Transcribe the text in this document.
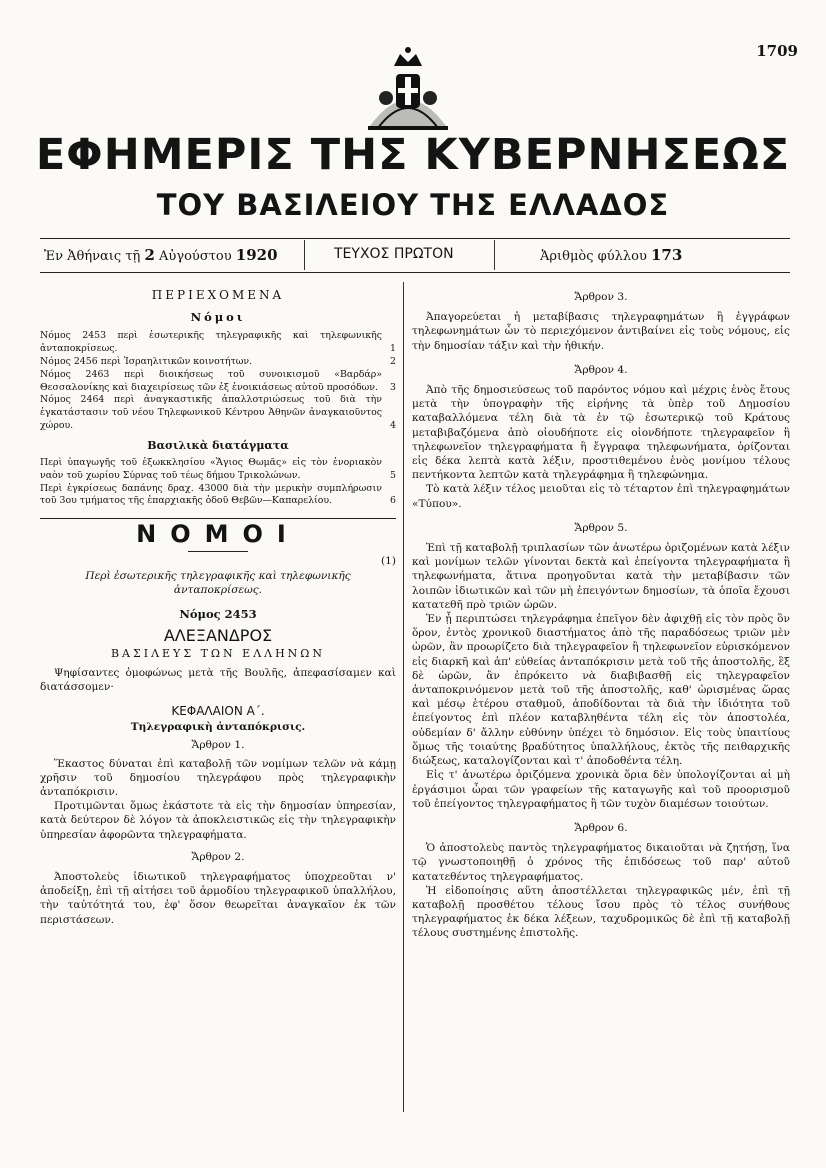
1709
ΕΦΗΜΕΡΙΣ ΤΗΣ ΚΥΒΕΡΝΗΣΕΩΣ
ΤΟΥ ΒΑΣΙΛΕΙΟΥ ΤΗΣ ΕΛΛΑΔΟΣ
Ἐν Ἀθήναις τῇ 2 Αὐγούστου 1920	ΤΕΥΧΟΣ ΠΡΩΤΟΝ	Ἀριθμὸς φύλλου 173
ΠΕΡΙΕΧΟΜΕΝΑ
Νόμοι
Νόμος 2453 περὶ ἐσωτερικῆς τηλεγραφικῆς καὶ τηλεφωνικῆς ἀνταποκρίσεως.	1
Νόμος 2456 περὶ Ἰσραηλιτικῶν κοινοτήτων.	2
Νόμος 2463 περὶ διοικήσεως τοῦ συνοικισμοῦ «Βαρδάρ» Θεσσαλονίκης καὶ διαχειρίσεως τῶν ἐξ ἐνοικιάσεως αὐτοῦ προσόδων. 3
Νόμος 2464 περὶ ἀναγκαστικῆς ἀπαλλοτριώσεως τοῦ διὰ τὴν ἐγκατάστασιν τοῦ νέου Τηλεφωνικοῦ Κέντρου Ἀθηνῶν ἀναγκαιοῦντος χώρου.	4
Βασιλικὰ διατάγματα
Περὶ ὑπαγωγῆς τοῦ ἐξωκκλησίου «Ἅγιος Θωμᾶς» εἰς τὸν ἐνοριακὸν ναὸν τοῦ χωρίου Σύρνας τοῦ τέως δήμου Τρικολώνων.	5
Περὶ ἐγκρίσεως δαπάνης δραχ. 43000 διὰ τὴν μερικὴν συμπλήρωσιν τοῦ 3ου τμήματος τῆς ἐπαρχιακῆς ὁδοῦ Θεβῶν—Καπαρελίου.	6
ΝΟΜΟΙ
(1)
Περὶ ἐσωτερικῆς τηλεγραφικῆς καὶ τηλεφωνικῆς ἀνταποκρίσεως.
Νόμος 2453
ΑΛΕΞΑΝΔΡΟΣ
ΒΑΣΙΛΕΥΣ ΤΩΝ ΕΛΛΗΝΩΝ

Ψηφίσαντες ὁμοφώνως μετὰ τῆς Βουλῆς, ἀπεφασίσαμεν καὶ διατάσσομεν·

ΚΕΦΑΛΑΙΟΝ Α΄.
Τηλεγραφικὴ ἀνταπόκρισις.
Ἄρθρον 1.

Ἕκαστος δύναται ἐπὶ καταβολῇ τῶν νομίμων τελῶν νὰ κάμῃ χρῆσιν τοῦ δημοσίου τηλεγράφου πρὸς τηλεγραφικὴν ἀνταπόκρισιν.

Προτιμῶνται ὅμως ἑκάστοτε τὰ εἰς τὴν δημοσίαν ὑπηρεσίαν, κατὰ δεύτερον δὲ λόγον τὰ ἀποκλειστικῶς εἰς τὴν τηλεγραφικὴν ὑπηρεσίαν ἀφορῶντα τηλεγραφήματα.

Ἄρθρον 2.

Ἀποστολεὺς ἰδιωτικοῦ τηλεγραφήματος ὑποχρεοῦται ν' ἀποδείξῃ, ἐπὶ τῇ αἰτήσει τοῦ ἁρμοδίου τηλεγραφικοῦ ὑπαλλήλου, τὴν ταὐτότητά του, ἐφ' ὅσον θεωρεῖται ἀναγκαῖον ἐκ τῶν περιστάσεων.

Ἄρθρον 3.

Ἀπαγορεύεται ἡ μεταβίβασις τηλεγραφημάτων ἢ ἐγγράφων τηλεφωνημάτων ὧν τὸ περιεχόμενον ἀντιβαίνει εἰς τοὺς νόμους, εἰς τὴν δημοσίαν τάξιν καὶ τὴν ἠθικήν.

Ἄρθρον 4.

Ἀπὸ τῆς δημοσιεύσεως τοῦ παρόντος νόμου καὶ μέχρις ἑνὸς ἔτους μετὰ τὴν ὑπογραφὴν τῆς εἰρήνης τὰ ὑπὲρ τοῦ Δημοσίου καταβαλλόμενα τέλη διὰ τὰ ἐν τῷ ἐσωτερικῷ τοῦ Κράτους μεταβιβαζόμενα ἀπὸ οἱουδήποτε εἰς οἱονδήποτε τηλεγραφεῖον ἢ τηλεφωνεῖον τηλεγραφήματα ἢ ἔγγραφα τηλεφωνήματα, ὁρίζονται εἰς δέκα λεπτὰ κατὰ λέξιν, προστιθεμένου ἑνὸς μονίμου τέλους πεντήκοντα λεπτῶν κατὰ τηλεγράφημα ἢ τηλεφώνημα.

Τὸ κατὰ λέξιν τέλος μειοῦται εἰς τὸ τέταρτον ἐπὶ τηλεγραφημάτων «Τύπου».

Ἄρθρον 5.

Ἐπὶ τῇ καταβολῇ τριπλασίων τῶν ἀνωτέρω ὁριζομένων κατὰ λέξιν καὶ μονίμων τελῶν γίνονται δεκτὰ καὶ ἐπείγοντα τηλεγραφήματα ἢ τηλεφωνήματα, ἅτινα προηγοῦνται κατὰ τὴν μεταβίβασιν τῶν λοιπῶν ἰδιωτικῶν καὶ τῶν μὴ ἐπειγόντων δημοσίων, τὰ ὁποῖα ἔχουσι κατατεθῆ πρὸ τριῶν ὡρῶν.

Ἐν ᾗ περιπτώσει τηλεγράφημα ἐπεῖγον δὲν ἀφιχθῇ εἰς τὸν πρὸς ὃν ὅρον, ἐντὸς χρονικοῦ διαστήματος ἀπὸ τῆς παραδόσεως τριῶν μὲν ὡρῶν, ἂν προωρίζετο διὰ τηλεγραφεῖον ἢ τηλεφωνεῖον εὑρισκόμενον εἰς διαρκῆ καὶ ἀπ' εὐθείας ἀνταπόκρισιν μετὰ τοῦ τῆς ἀποστολῆς, ἓξ δὲ ὡρῶν, ἂν ἐπρόκειτο νὰ διαβιβασθῇ εἰς τηλεγραφεῖον ἀνταποκρινόμενον μετὰ τοῦ τῆς ἀποστολῆς, καθ' ὡρισμένας ὥρας καὶ μέσῳ ἑτέρου σταθμοῦ, ἀποδίδονται τὰ διὰ τὴν ἰδιότητα τοῦ ἐπείγοντος ἐπὶ πλέον καταβληθέντα τέλη εἰς τὸν ἀποστολέα, οὐδεμίαν δ' ἄλλην εὐθύνην ὑπέχει τὸ δημόσιον. Εἰς τοὺς ὑπαιτίους ὅμως τῆς τοιαύτης βραδύτητος ὑπαλλήλους, ἐκτὸς τῆς πειθαρχικῆς διώξεως, καταλογίζονται καὶ τ' ἀποδοθέντα τέλη.

Εἰς τ' ἀνωτέρω ὁριζόμενα χρονικὰ ὅρια δὲν ὑπολογίζονται αἱ μὴ ἐργάσιμοι ὧραι τῶν γραφείων τῆς καταγωγῆς καὶ τοῦ προορισμοῦ τοῦ ἐπείγοντος τηλεγραφήματος ἢ τῶν τυχὸν διαμέσων τοιούτων.

Ἄρθρον 6.

Ὁ ἀποστολεὺς παντὸς τηλεγραφήματος δικαιοῦται νὰ ζητήσῃ, ἵνα τῷ γνωστοποιηθῇ ὁ χρόνος τῆς ἐπιδόσεως τοῦ παρ' αὐτοῦ κατατεθέντος τηλεγραφήματος.

Ἡ εἰδοποίησις αὕτη ἀποστέλλεται τηλεγραφικῶς μέν, ἐπὶ τῇ καταβολῇ προσθέτου τέλους ἴσου πρὸς τὸ τέλος συνήθους τηλεγραφήματος ἐκ δέκα λέξεων, ταχυδρομικῶς δὲ ἐπὶ τῇ καταβολῇ τέλους συστημένης ἐπιστολῆς.
